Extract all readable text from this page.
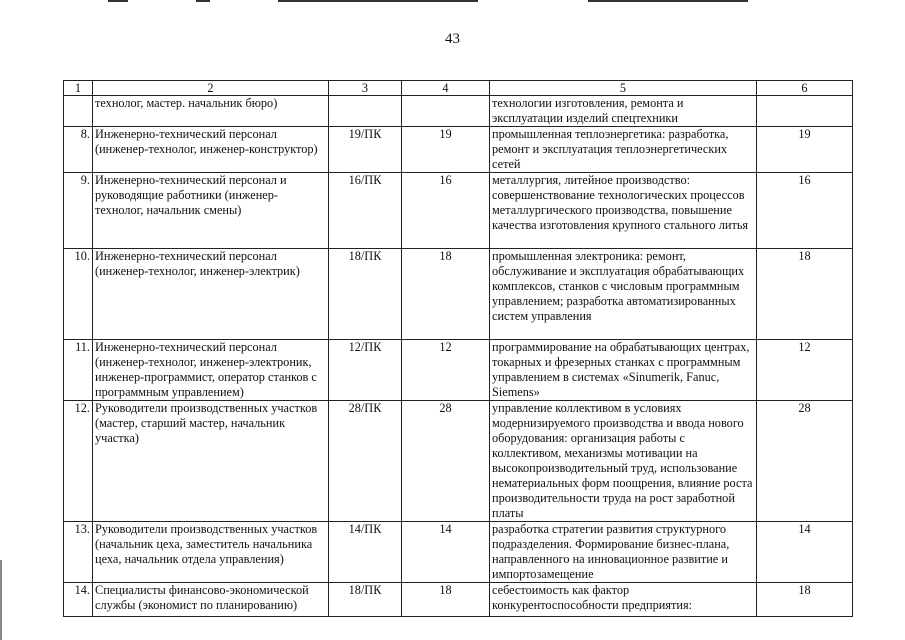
43
1	2	3	4	5	6
	технолог, мастер. начальник бюро)			технологии изготовления, ремонта и эксплуатации изделий спецтехники	
8.	Инженерно-технический персонал (инженер-технолог, инженер-конструктор)	19/ПК	19	промышленная теплоэнергетика: разработка, ремонт и эксплуатация теплоэнергетических сетей	19
9.	Инженерно-технический персонал и руководящие работники (инженер-технолог, начальник смены)	16/ПК	16	металлургия, литейное производство: совершенствование технологических процессов металлургического производства, повышение качества изготовления крупного стального литья	16
10.	Инженерно-технический персонал (инженер-технолог, инженер-электрик)	18/ПК	18	промышленная электроника: ремонт, обслуживание и эксплуатация обрабатывающих комплексов, станков с числовым программным управлением; разработка автоматизированных систем управления	18
11.	Инженерно-технический персонал (инженер-технолог, инженер-электроник, инженер-программист, оператор станков с программным управлением)	12/ПК	12	программирование на обрабатывающих центрах, токарных и фрезерных станках с программным управлением в системах «Sinumerik, Fanuc, Siemens»	12
12.	Руководители производственных участков (мастер, старший мастер, начальник участка)	28/ПК	28	управление коллективом в условиях модернизируемого производства и ввода нового оборудования: организация работы с коллективом, механизмы мотивации на высокопроизводительный труд, использование нематериальных форм поощрения, влияние роста производительности труда на рост заработной платы	28
13.	Руководители производственных участков (начальник цеха, заместитель начальника цеха, начальник отдела управления)	14/ПК	14	разработка стратегии развития структурного подразделения. Формирование бизнес-плана, направленного на инновационное развитие и импортозамещение	14
14.	Специалисты финансово-экономической службы (экономист по планированию)	18/ПК	18	себестоимость как фактор конкурентоспособности предприятия:	18
